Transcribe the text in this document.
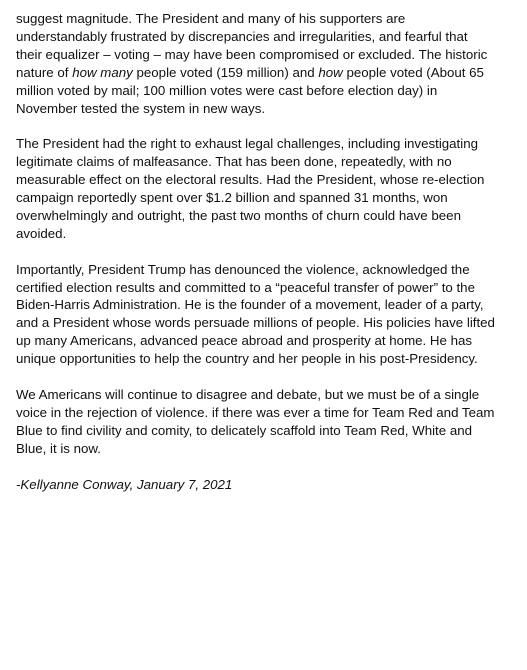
suggest magnitude. The President and many of his supporters are
understandably frustrated by discrepancies and irregularities, and fearful that
their equalizer – voting – may have been compromised or excluded. The historic
nature of how many people voted (159 million) and how people voted (About 65
million voted by mail; 100 million votes were cast before election day) in
November tested the system in new ways.

The President had the right to exhaust legal challenges, including investigating
legitimate claims of malfeasance. That has been done, repeatedly, with no
measurable effect on the electoral results. Had the President, whose re-election
campaign reportedly spent over $1.2 billion and spanned 31 months, won
overwhelmingly and outright, the past two months of churn could have been
avoided.

Importantly, President Trump has denounced the violence, acknowledged the
certified election results and committed to a “peaceful transfer of power” to the
Biden-Harris Administration. He is the founder of a movement, leader of a party,
and a President whose words persuade millions of people. His policies have lifted
up many Americans, advanced peace abroad and prosperity at home. He has
unique opportunities to help the country and her people in his post-Presidency.

We Americans will continue to disagree and debate, but we must be of a single
voice in the rejection of violence. if there was ever a time for Team Red and Team
Blue to find civility and comity, to delicately scaffold into Team Red, White and
Blue, it is now.

-Kellyanne Conway, January 7, 2021
